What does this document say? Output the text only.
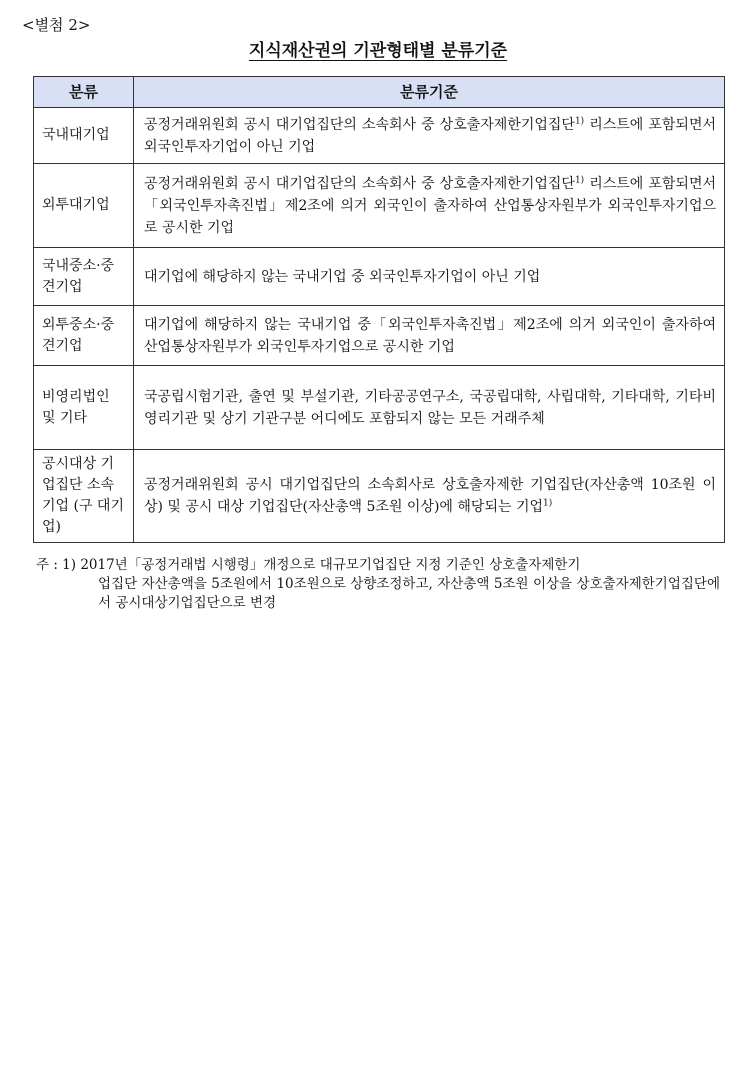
<별첨 2>
지식재산권의 기관형태별 분류기준
분류	분류기준
국내대기업	공정거래위원회 공시 대기업집단의 소속회사 중 상호출자제한기업집단$^{1)}$ 리스트에 포함되면서 외국인투자기업이 아닌 기업
외투대기업	공정거래위원회 공시 대기업집단의 소속회사 중 상호출자제한기업집단$^{1)}$ 리스트에 포함되면서「외국인투자촉진법」제2조에 의거 외국인이 출자하여 산업통상자원부가 외국인투자기업으로 공시한 기업
국내중소·중견기업	대기업에 해당하지 않는 국내기업 중 외국인투자기업이 아닌 기업
외투중소·중견기업	대기업에 해당하지 않는 국내기업 중「외국인투자촉진법」제2조에 의거 외국인이 출자하여 산업통상자원부가 외국인투자기업으로 공시한 기업
비영리법인 및 기타	국공립시험기관, 출연 및 부설기관, 기타공공연구소, 국공립대학, 사립대학, 기타대학, 기타비영리기관 및 상기 기관구분 어디에도 포함되지 않는 모든 거래주체
공시대상 기업집단 소속 기업 (구 대기업)	공정거래위원회 공시 대기업집단의 소속회사로 상호출자제한 기업집단(자산총액 10조원 이상) 및 공시 대상 기업집단(자산총액 5조원 이상)에 해당되는 기업$^{1)}$
주 : 1) 2017년「공정거래법 시행령」개정으로 대규모기업집단 지정 기준인 상호출자제한기
업집단 자산총액을 5조원에서 10조원으로 상향조정하고, 자산총액 5조원 이상을 상호출자제한기업집단에서 공시대상기업집단으로 변경
